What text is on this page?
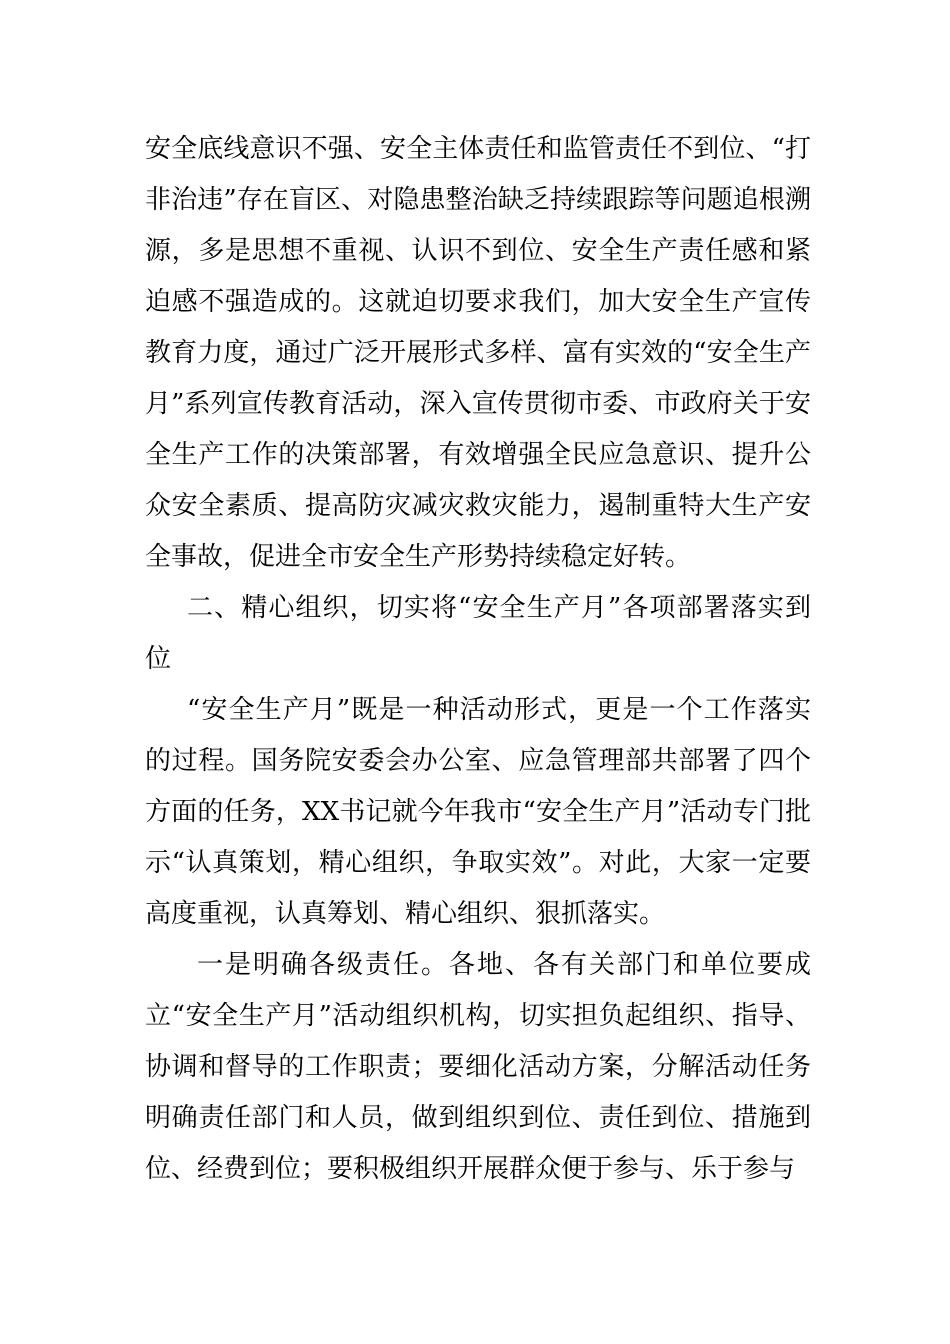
安全底线意识不强、安全主体责任和监管责任不到位、“打非治违”存在盲区、对隐患整治缺乏持续跟踪等问题追根溯源，多是思想不重视、认识不到位、安全生产责任感和紧迫感不强造成的。这就迫切要求我们，加大安全生产宣传教育力度，通过广泛开展形式多样、富有实效的“安全生产月”系列宣传教育活动，深入宣传贯彻市委、市政府关于安全生产工作的决策部署，有效增强全民应急意识、提升公众安全素质、提高防灾减灾救灾能力，遏制重特大生产安全事故，促进全市安全生产形势持续稳定好转。

二、精心组织，切实将“安全生产月”各项部署落实到位

“安全生产月”既是一种活动形式，更是一个工作落实的过程。国务院安委会办公室、应急管理部共部署了四个方面的任务，XX书记就今年我市“安全生产月”活动专门批示“认真策划，精心组织，争取实效”。对此，大家一定要高度重视，认真筹划、精心组织、狠抓落实。

一是明确各级责任。各地、各有关部门和单位要成立“安全生产月”活动组织机构，切实担负起组织、指导、协调和督导的工作职责；要细化活动方案，分解活动任务明确责任部门和人员，做到组织到位、责任到位、措施到位、经费到位；要积极组织开展群众便于参与、乐于参与
